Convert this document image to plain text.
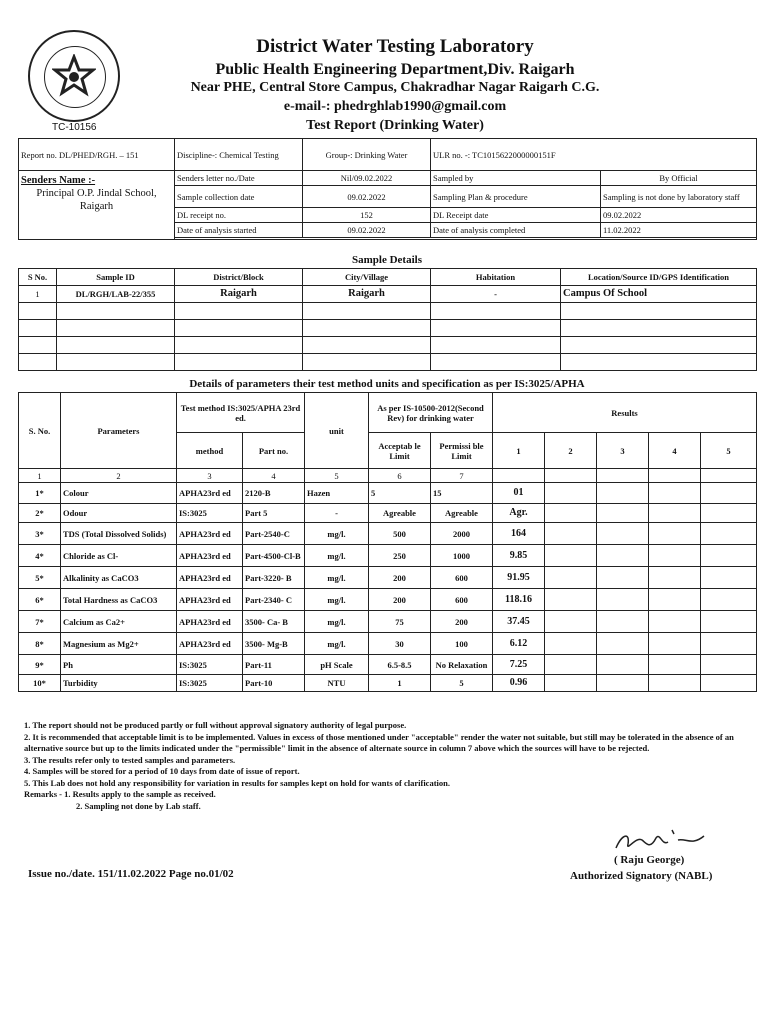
TC-10156
District Water Testing Laboratory
Public Health Engineering Department,Div. Raigarh
Near PHE, Central Store Campus, Chakradhar Nagar Raigarh C.G.
e-mail-: phedrghlab1990@gmail.com
Test Report (Drinking Water)
Report no. DL/PHED/RGH. – 151	Discipline-: Chemical Testing	Group-: Drinking Water	ULR no. -: TC1015622000000151F	

Senders Name :-
Principal O.P. Jindal School, Raigarh	Senders letter no./Date	Nil/09.02.2022	Sampled by	By Official
	Sample collection date	09.02.2022	Sampling Plan & procedure	Sampling is not done by laboratory staff
	DL receipt no.	152	DL Receipt date	09.02.2022
	Date of analysis started	09.02.2022	Date of analysis completed	11.02.2022

Sample Details
S No.	Sample ID	District/Block	City/Village	Habitation	Location/Source ID/GPS Identification
1	DL/RGH/LAB-22/355	Raigarh	Raigarh	-	Campus Of School

Details of parameters their test method units and specification as per IS:3025/APHA
S. No.	Parameters	Test method IS:3025/APHA 23rd ed.		unit	As per IS-10500-2012(Second Rev) for drinking water		Results				
		method	Part no.		Acceptab le Limit	Permissi ble Limit	1	2	3	4	5
1	2	3	4	5	6	7					
1*	Colour	APHA23rd ed	2120-B	Hazen	5	15	01				
2*	Odour	IS:3025	Part 5	-	Agreable	Agreable	Agr.				
3*	TDS (Total Dissolved Solids)	APHA23rd ed	Part-2540-C	mg/l.	500	2000	164				
4*	Chloride as Cl-	APHA23rd ed	Part-4500-Cl-B	mg/l.	250	1000	9.85				
5*	Alkalinity as CaCO3	APHA23rd ed	Part-3220- B	mg/l.	200	600	91.95				
6*	Total Hardness as CaCO3	APHA23rd ed	Part-2340- C	mg/l.	200	600	118.16				
7*	Calcium as Ca2+	APHA23rd ed	3500- Ca- B	mg/l.	75	200	37.45				
8*	Magnesium as Mg2+	APHA23rd ed	3500- Mg-B	mg/l.	30	100	6.12				
9*	Ph	IS:3025	Part-11	pH Scale	6.5-8.5	No Relaxation	7.25				
10*	Turbidity	IS:3025	Part-10	NTU	1	5	0.96				
1. The report should not be produced partly or full without approval signatory authority of legal purpose.
2. It is recommended that acceptable limit is to be implemented. Values in excess of those mentioned under "acceptable" render the water not suitable, but still may be tolerated in the absence of an alternative source but up to the limits indicated under the "permissible" limit in the absence of alternate source in column 7 above which the sources will have to be rejected.
3. The results refer only to tested samples and parameters.
4. Samples will be stored for a period of 10 days from date of issue of report.
5. This Lab does not hold any responsibility for variation in results for samples kept on hold for wants of clarification.
Remarks - 1. Results apply to the sample as received.
2. Sampling not done by Lab staff.
Issue no./date. 151/11.02.2022 Page no.01/02
( Raju George)
Authorized Signatory (NABL)
